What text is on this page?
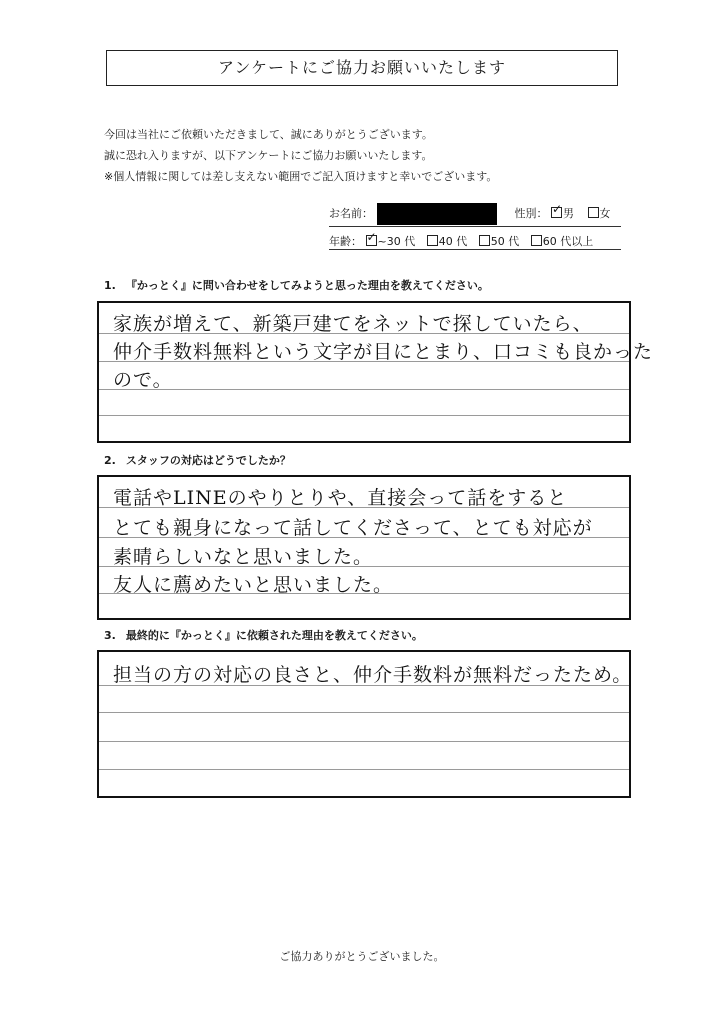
アンケートにご協力お願いいたします
今回は当社にご依頼いただきまして、誠にありがとうございます。
誠に恐れ入りますが、以下アンケートにご協力お願いいたします。
※個人情報に関しては差し支えない範囲でご記入頂けますと幸いでございます。
お名前：	性別： ✓ 男 女
年齢： ✓ ~30 代 40 代 50 代 60 代以上
1. 『かっとく』に問い合わせをしてみようと思った理由を教えてください。
家族が増えて、新築戸建てをネットで探していたら、
仲介手数料無料という文字が目にとまり、口コミも良かった
ので。
2. スタッフの対応はどうでしたか？
電話やLINEのやりとりや、直接会って話をすると
とても親身になって話してくださって、とても対応が
素晴らしいなと思いました。
友人に薦めたいと思いました。
3. 最終的に『かっとく』に依頼された理由を教えてください。
担当の方の対応の良さと、仲介手数料が無料だったため。
ご協力ありがとうございました。
